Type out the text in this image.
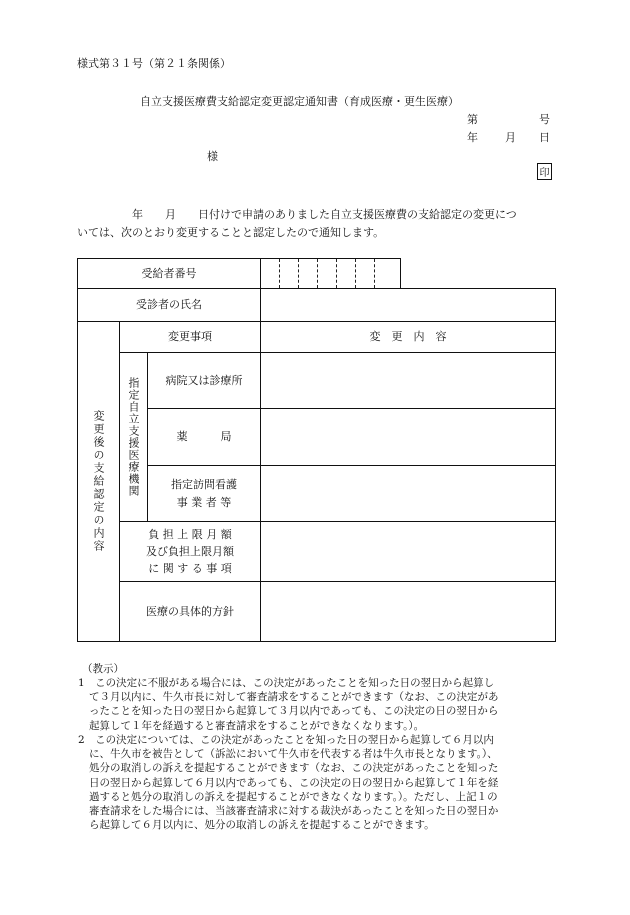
様式第３１号（第２１条関係）
自立支援医療費支給認定変更認定通知書（育成医療・更生医療）
第	号
年 月 日
様
印
年　　月　　日付けで申請のありました自立支援医療費の支給認定の変更につ
いては、次のとおり変更することと認定したので通知します。
受給者番号
受診者の氏名
変更後の支給認定の内容
変更事項	変　更　内　容
指定自立支援医療機関 病院又は診療所
薬　　　局
指定訪問看護
事 業 者 等
負 担 上 限 月 額
及び負担上限月額
に 関 す る 事 項
医療の具体的方針
（教示）
1　この決定に不服がある場合には、この決定があったことを知った日の翌日から起算し
て３月以内に、牛久市長に対して審査請求をすることができます（なお、この決定があ
ったことを知った日の翌日から起算して３月以内であっても、この決定の日の翌日から
起算して１年を経過すると審査請求をすることができなくなります。）。
2　この決定については、この決定があったことを知った日の翌日から起算して６月以内
に、牛久市を被告として（訴訟において牛久市を代表する者は牛久市長となります。）、
処分の取消しの訴えを提起することができます（なお、この決定があったことを知った
日の翌日から起算して６月以内であっても、この決定の日の翌日から起算して１年を経
過すると処分の取消しの訴えを提起することができなくなります。）。ただし、上記１の
審査請求をした場合には、当該審査請求に対する裁決があったことを知った日の翌日か
ら起算して６月以内に、処分の取消しの訴えを提起することができます。
